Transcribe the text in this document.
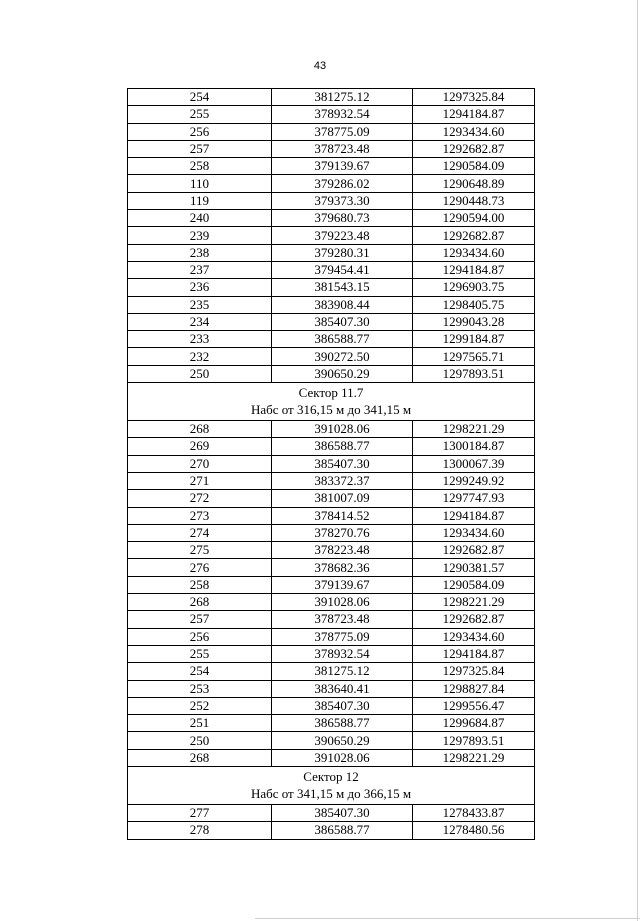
43
254	381275.12	1297325.84
255	378932.54	1294184.87
256	378775.09	1293434.60
257	378723.48	1292682.87
258	379139.67	1290584.09
110	379286.02	1290648.89
119	379373.30	1290448.73
240	379680.73	1290594.00
239	379223.48	1292682.87
238	379280.31	1293434.60
237	379454.41	1294184.87
236	381543.15	1296903.75
235	383908.44	1298405.75
234	385407.30	1299043.28
233	386588.77	1299184.87
232	390272.50	1297565.71
250	390650.29	1297893.51

Сектор 11.7
Набс от 316,15 м до 341,15 м		

268	391028.06	1298221.29
269	386588.77	1300184.87
270	385407.30	1300067.39
271	383372.37	1299249.92
272	381007.09	1297747.93
273	378414.52	1294184.87
274	378270.76	1293434.60
275	378223.48	1292682.87
276	378682.36	1290381.57
258	379139.67	1290584.09
268	391028.06	1298221.29
257	378723.48	1292682.87
256	378775.09	1293434.60
255	378932.54	1294184.87
254	381275.12	1297325.84
253	383640.41	1298827.84
252	385407.30	1299556.47
251	386588.77	1299684.87
250	390650.29	1297893.51
268	391028.06	1298221.29

Сектор 12
Набс от 341,15 м до 366,15 м		

277	385407.30	1278433.87
278	386588.77	1278480.56
